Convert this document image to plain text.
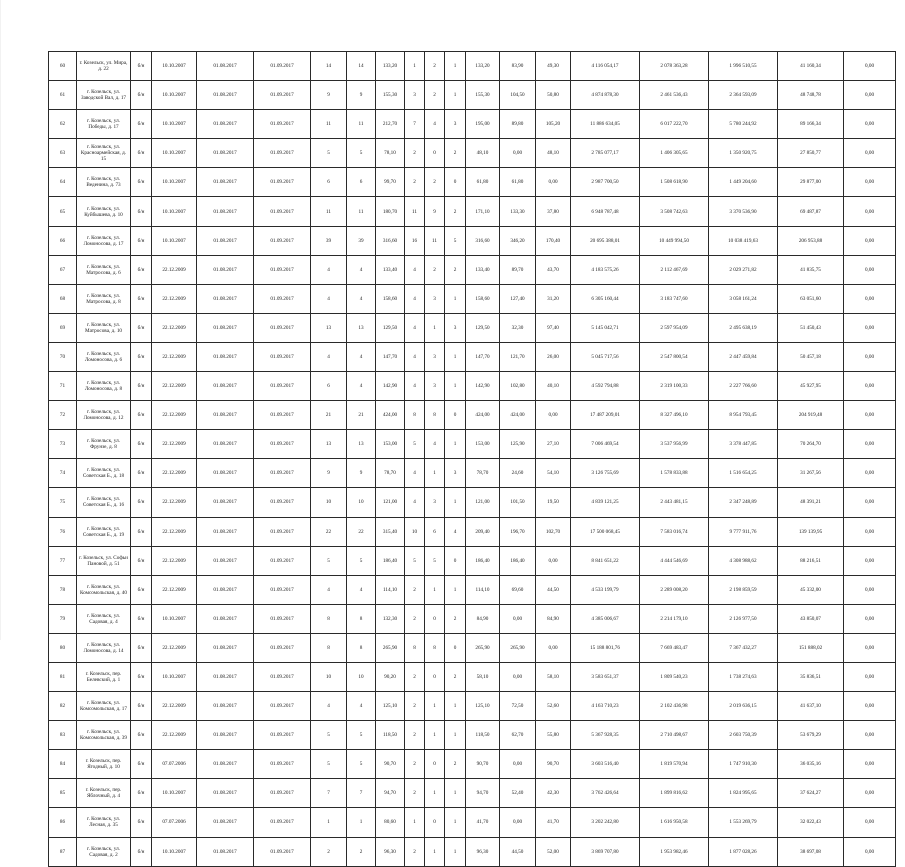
60	г. Козельск, ул. Мира, д. 22	б/н	10.10.2007	01.08.2017	01.09.2017	14	14	133,20	1	2	1	133,20	83,90	49,30	4 116 054,17	2 078 363,28	1 996 510,55	41 160,34	0,00
61	г. Козельск, ул. Заводской Вал, д. 17	б/н	10.10.2007	01.08.2017	01.09.2017	9	9	155,30	3	2	1	155,30	104,50	50,80	4 874 878,30	2 461 536,43	2 364 593,09	48 748,78	0,00
62	г. Козельск, ул. Победы, д. 17	б/н	10.10.2007	01.08.2017	01.09.2017	11	11	212,70	7	4	3	195,00	89,80	105,20	11 886 634,05	6 017 222,70	5 780 244,92	89 166,34	0,00
63	г. Козельск, ул. Красноармейская, д. 15	б/н	10.10.2007	01.08.2017	01.09.2017	5	5	78,10	2	0	2	48,10	0,00	48,10	2 785 077,17	1 406 305,65	1 350 920,75	27 850,77	0,00
64	г. Козельск, ул. Веденина, д. 73	б/н	10.10.2007	01.08.2017	01.09.2017	6	6	99,70	2	2	0	61,80	61,80	0,00	2 987 700,50	1 508 618,90	1 449 204,60	29 877,00	0,00
65	г. Козельск, ул. Куйбышева, д. 10	б/н	10.10.2007	01.08.2017	01.09.2017	11	11	180,70	11	9	2	171,10	133,30	37,80	6 948 787,48	3 508 742,63	3 370 536,90	69 487,87	0,00
66	г. Козельск, ул. Ломоносова, д. 17	б/н	10.10.2007	01.08.2017	01.09.2017	39	39	316,60	16	11	5	316,60	346,20	170,40	20 695 388,01	10 449 994,50	10 038 419,63	206 953,88	0,00
67	г. Козельск, ул. Матросова, д. 6	б/н	22.12.2009	01.08.2017	01.09.2017	4	4	133,40	4	2	2	133,40	89,70	43,70	4 183 575,26	2 112 467,69	2 029 271,82	41 835,75	0,00
68	г. Козельск, ул. Матросова, д. 8	б/н	22.12.2009	01.08.2017	01.09.2017	4	4	158,60	4	3	1	158,60	127,40	31,20	6 305 160,44	3 183 747,60	3 058 161,24	63 051,60	0,00
69	г. Козельск, ул. Матросова, д. 10	б/н	22.12.2009	01.08.2017	01.09.2017	13	13	129,50	4	1	3	129,50	32,30	97,40	5 145 042,71	2 597 954,09	2 495 638,19	51 450,43	0,00
70	г. Козельск, ул. Ломоносова, д. 6	б/н	22.12.2009	01.08.2017	01.09.2017	4	4	147,70	4	3	1	147,70	121,70	26,00	5 045 717,56	2 547 800,54	2 447 459,84	50 457,18	0,00
71	г. Козельск, ул. Ломоносова, д. 8	б/н	22.12.2009	01.08.2017	01.09.2017	6	4	142,90	4	3	1	142,90	102,80	40,10	4 592 794,88	2 319 100,33	2 227 766,60	45 927,95	0,00
72	г. Козельск, ул. Ломоносова, д. 12	б/н	22.12.2009	01.08.2017	01.09.2017	21	21	424,00	8	8	0	424,00	424,00	0,00	17 487 209,01	8 327 496,10	8 954 793,45	204 919,48	0,00
73	г. Козельск, ул. Фрунзе, д. 8	б/н	22.12.2009	01.08.2017	01.09.2017	13	13	153,00	5	4	1	153,00	125,90	27,10	7 006 469,54	3 537 956,99	3 378 447,85	70 264,70	0,00
74	г. Козельск, ул. Советская Б., д. 18	б/н	22.12.2009	01.08.2017	01.09.2017	9	9	78,70	4	1	3	78,70	24,60	54,10	3 126 755,69	1 578 833,88	1 516 654,25	31 267,56	0,00
75	г. Козельск, ул. Советская Б., д. 16	б/н	22.12.2009	01.08.2017	01.09.2017	10	10	121,00	4	3	1	121,00	101,50	19,50	4 839 121,25	2 443 481,15	2 347 248,89	48 391,21	0,00
76	г. Козельск, ул. Советская Б., д. 19	б/н	22.12.2009	01.08.2017	01.09.2017	22	22	315,40	10	6	4	209,40	196,70	102,70	17 500 068,45	7 583 016,74	9 777 911,76	139 139,95	0,00
77	г. Козельск, ул. Софьи Пановой, д. 51	б/н	22.12.2009	01.08.2017	01.09.2017	5	5	186,40	5	5	0	186,40	186,40	0,00	8 841 651,22	4 444 546,69	4 308 988,62	88 216,51	0,00
78	г. Козельск, ул. Комсомольская, д. 40	б/н	22.12.2009	01.08.2017	01.09.2017	4	4	114,10	2	1	1	114,10	69,60	44,50	4 533 199,79	2 289 008,20	2 198 859,59	45 332,00	0,00
79	г. Козельск, ул. Садовая, д. 4	б/н	10.10.2007	01.08.2017	01.09.2017	8	8	132,30	2	0	2	84,90	0,00	84,90	4 385 006,67	2 214 179,10	2 126 977,50	43 850,07	0,00
80	г. Козельск, ул. Ломоносова, д. 14	б/н	22.12.2009	01.08.2017	01.09.2017	8	8	265,90	8	8	0	265,90	265,90	0,00	15 188 801,76	7 669 483,47	7 367 432,27	151 888,02	0,00
81	г. Козельск, пер. Белевский, д. 1	б/н	10.10.2007	01.08.2017	01.09.2017	10	10	90,20	2	0	2	58,10	0,00	58,10	3 583 651,37	1 809 540,23	1 738 274,63	35 836,51	0,00
82	г. Козельск, ул. Комсомольская, д. 17	б/н	22.12.2009	01.08.2017	01.09.2017	4	4	125,10	2	1	1	125,10	72,50	52,60	4 163 710,23	2 102 436,98	2 019 636,15	41 637,10	0,00
83	г. Козельск, ул. Комсомольская, д. 39	б/н	22.12.2009	01.08.2017	01.09.2017	5	5	118,50	2	1	1	118,50	62,70	55,80	5 367 928,35	2 710 498,67	2 603 750,39	53 679,29	0,00
84	г. Козельск, пер. Ягодный, д. 10	б/н	07.07.2006	01.08.2017	01.09.2017	5	5	90,70	2	0	2	90,70	0,00	90,70	3 603 516,40	1 819 570,94	1 747 910,30	36 035,16	0,00
85	г. Козельск, пер. Яблочный, д. 4	б/н	10.10.2007	01.08.2017	01.09.2017	7	7	94,70	2	1	1	94,70	52,40	42,30	3 762 426,64	1 899 816,62	1 824 995,65	37 624,27	0,00
86	г. Козельск, ул. Лесная, д. 35	б/н	07.07.2006	01.08.2017	01.09.2017	1	1	80,60	1	0	1	41,70	0,00	41,70	3 202 242,80	1 616 950,58	1 553 269,79	32 022,43	0,00
87	г. Козельск, ул. Садовая, д. 2	б/н	10.10.2007	01.08.2017	01.09.2017	2	2	96,30	2	1	1	96,30	44,50	52,00	3 869 707,80	1 953 982,46	1 877 028,26	38 697,08	0,00
